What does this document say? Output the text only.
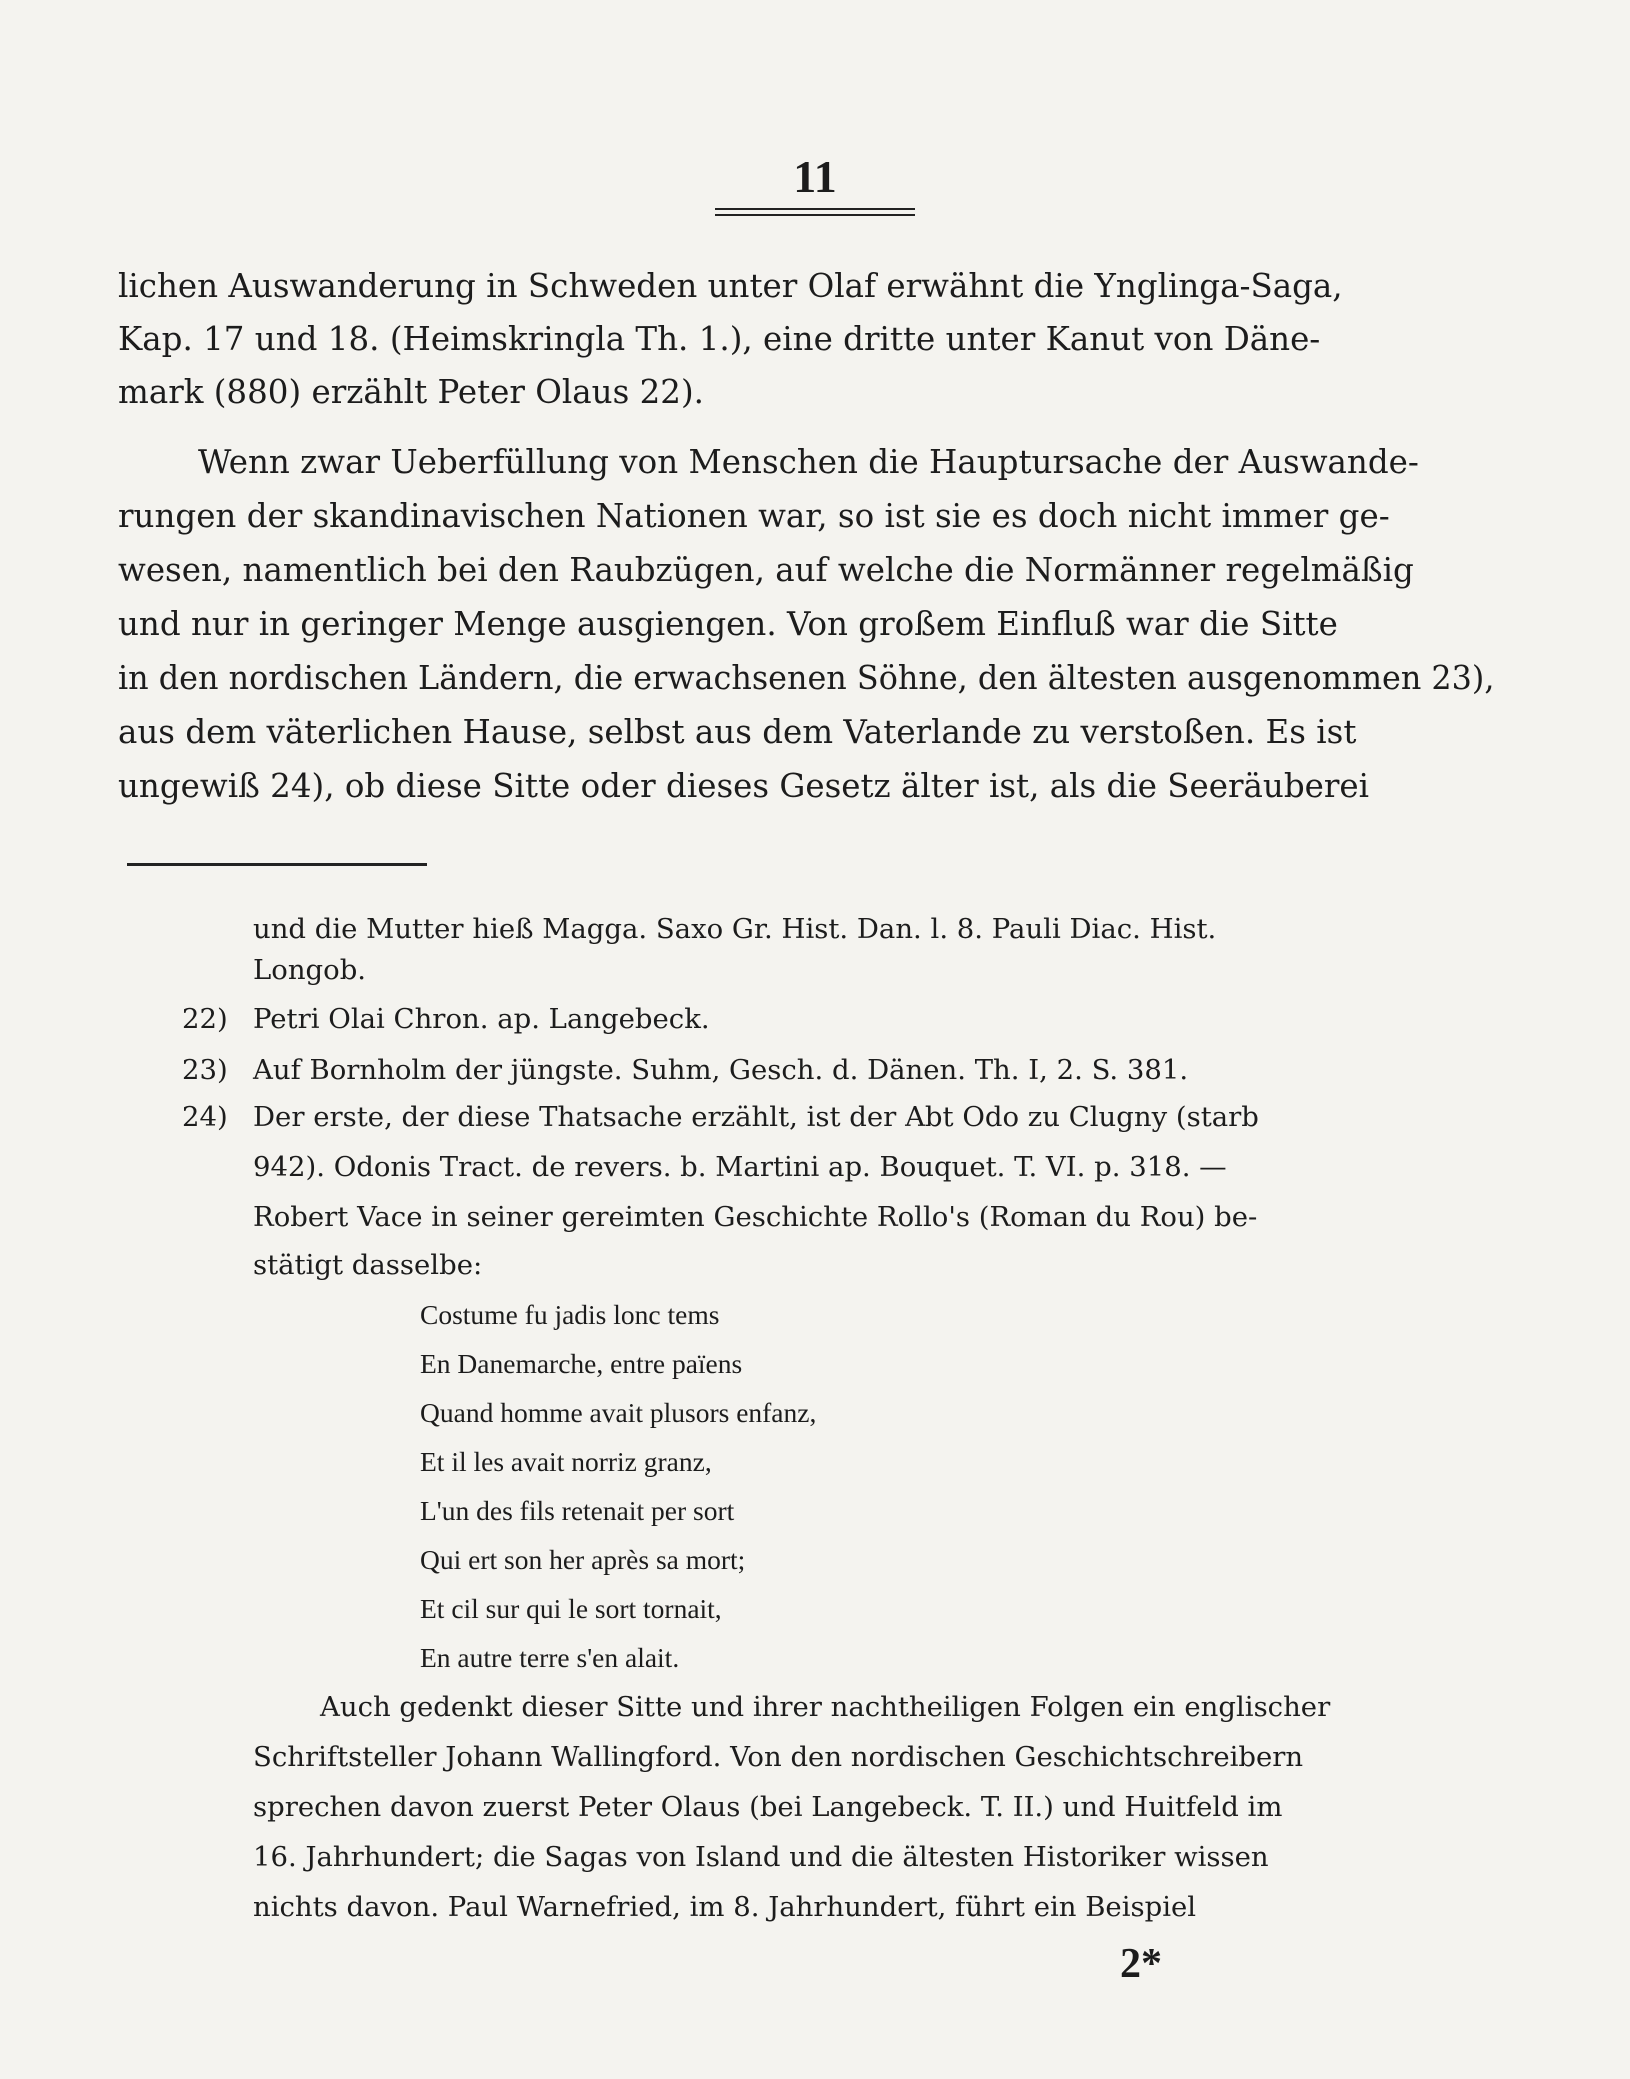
11
lichen Auswanderung in Schweden unter Olaf erwähnt die Ynglinga-Saga,
Kap. 17 und 18. (Heimskringla Th. 1.), eine dritte unter Kanut von Däne-
mark (880) erzählt Peter Olaus 22).
Wenn zwar Ueberfüllung von Menschen die Hauptursache der Auswande-
rungen der skandinavischen Nationen war, so ist sie es doch nicht immer ge-
wesen, namentlich bei den Raubzügen, auf welche die Normänner regelmäßig
und nur in geringer Menge ausgiengen. Von großem Einfluß war die Sitte
in den nordischen Ländern, die erwachsenen Söhne, den ältesten ausgenommen 23),
aus dem väterlichen Hause, selbst aus dem Vaterlande zu verstoßen. Es ist
ungewiß 24), ob diese Sitte oder dieses Gesetz älter ist, als die Seeräuberei
und die Mutter hieß Magga. Saxo Gr. Hist. Dan. l. 8. Pauli Diac. Hist.
Longob.
22) Petri Olai Chron. ap. Langebeck.
23) Auf Bornholm der jüngste. Suhm, Gesch. d. Dänen. Th. I, 2. S. 381.
24) Der erste, der diese Thatsache erzählt, ist der Abt Odo zu Clugny (starb
942). Odonis Tract. de revers. b. Martini ap. Bouquet. T. VI. p. 318. —
Robert Vace in seiner gereimten Geschichte Rollo's (Roman du Rou) be-
stätigt dasselbe:
Costume fu jadis lonc tems
En Danemarche, entre païens
Quand homme avait plusors enfanz,
Et il les avait norriz granz,
L'un des fils retenait per sort
Qui ert son her après sa mort;
Et cil sur qui le sort tornait,
En autre terre s'en alait.
Auch gedenkt dieser Sitte und ihrer nachtheiligen Folgen ein englischer
Schriftsteller Johann Wallingford. Von den nordischen Geschichtschreibern
sprechen davon zuerst Peter Olaus (bei Langebeck. T. II.) und Huitfeld im
16. Jahrhundert; die Sagas von Island und die ältesten Historiker wissen
nichts davon. Paul Warnefried, im 8. Jahrhundert, führt ein Beispiel
2*
